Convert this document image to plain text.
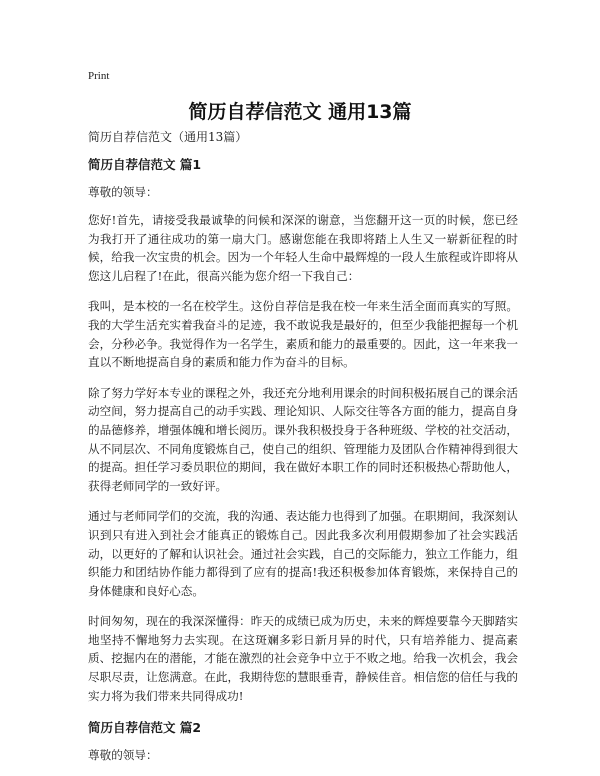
Print
简历自荐信范文 通用13篇
简历自荐信范文（通用13篇）
简历自荐信范文 篇1
尊敬的领导：

您好!首先，请接受我最诚挚的问候和深深的谢意，当您翻开这一页的时候，您已经为我打开了通往成功的第一扇大门。感谢您能在我即将踏上人生又一崭新征程的时候，给我一次宝贵的机会。因为一个年轻人生命中最辉煌的一段人生旅程或许即将从您这儿启程了!在此，很高兴能为您介绍一下我自己：

我叫，是本校的一名在校学生。这份自荐信是我在校一年来生活全面而真实的写照。我的大学生活充实着我奋斗的足迹，我不敢说我是最好的，但至少我能把握每一个机会，分秒必争。我觉得作为一名学生，素质和能力的最重要的。因此，这一年来我一直以不断地提高自身的素质和能力作为奋斗的目标。

除了努力学好本专业的课程之外，我还充分地利用课余的时间积极拓展自己的课余活动空间，努力提高自己的动手实践、理论知识、人际交往等各方面的能力，提高自身的品德修养，增强体魄和增长阅历。课外我积极投身于各种班级、学校的社交活动，从不同层次、不同角度锻炼自己，使自己的组织、管理能力及团队合作精神得到很大的提高。担任学习委员职位的期间，我在做好本职工作的同时还积极热心帮助他人，获得老师同学的一致好评。

通过与老师同学们的交流，我的沟通、表达能力也得到了加强。在职期间，我深刻认识到只有进入到社会才能真正的锻炼自己。因此我多次利用假期参加了社会实践活动，以更好的了解和认识社会。通过社会实践，自己的交际能力，独立工作能力，组织能力和团结协作能力都得到了应有的提高!我还积极参加体育锻炼，来保持自己的身体健康和良好心态。

时间匆匆，现在的我深深懂得：昨天的成绩已成为历史，未来的辉煌要靠今天脚踏实地坚持不懈地努力去实现。在这斑斓多彩日新月异的时代，只有培养能力、提高素质、挖掘内在的潜能，才能在激烈的社会竞争中立于不败之地。给我一次机会，我会尽职尽责，让您满意。在此，我期待您的慧眼垂青，静候佳音。相信您的信任与我的实力将为我们带来共同得成功!

简历自荐信范文 篇2
尊敬的领导：
